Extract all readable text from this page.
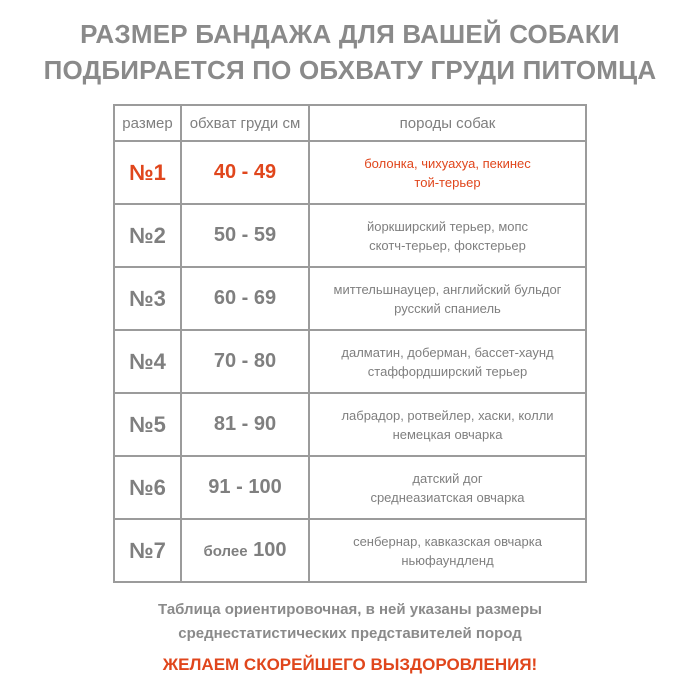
РАЗМЕР БАНДАЖА ДЛЯ ВАШЕЙ СОБАКИ
ПОДБИРАЕТСЯ ПО ОБХВАТУ ГРУДИ ПИТОМЦА
размер	обхват груди см	породы собак
№1	40 - 49	болонка, чихуахуа, пекинес
той-терьер

№2	50 - 59	йоркширский терьер, мопс
скотч-терьер, фокстерьер

№3	60 - 69	миттельшнауцер, английский бульдог
русский спаниель

№4	70 - 80	далматин, доберман, бассет-хаунд
стаффордширский терьер

№5	81 - 90	лабрадор, ротвейлер, хаски, колли
немецкая овчарка

№6	91 - 100	датский дог
среднеазиатская овчарка

№7	более 100	сенбернар, кавказская овчарка
ньюфаундленд
Таблица ориентировочная, в ней указаны размеры
среднестатистических представителей пород
ЖЕЛАЕМ СКОРЕЙШЕГО ВЫЗДОРОВЛЕНИЯ!
